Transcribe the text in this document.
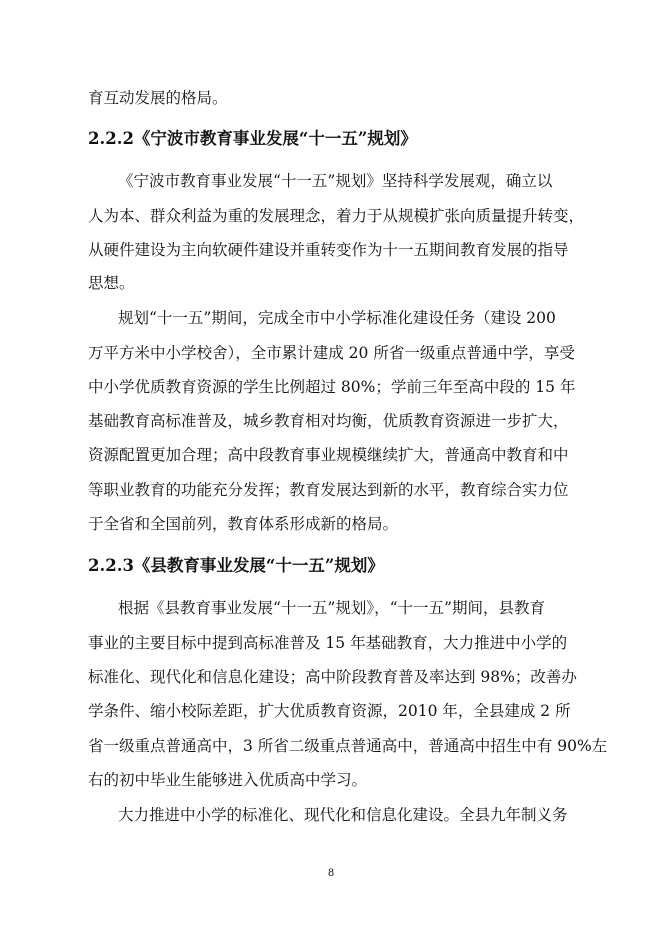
育互动发展的格局。
2.2.2《宁波市教育事业发展“十一五”规划》
《宁波市教育事业发展“十一五”规划》坚持科学发展观，确立以
人为本、群众利益为重的发展理念，着力于从规模扩张向质量提升转变，
从硬件建设为主向软硬件建设并重转变作为十一五期间教育发展的指导
思想。
规划“十一五”期间，完成全市中小学标准化建设任务（建设 200
万平方米中小学校舍），全市累计建成 20 所省一级重点普通中学，享受
中小学优质教育资源的学生比例超过 80%；学前三年至高中段的 15 年
基础教育高标准普及，城乡教育相对均衡，优质教育资源进一步扩大，
资源配置更加合理；高中段教育事业规模继续扩大，普通高中教育和中
等职业教育的功能充分发挥；教育发展达到新的水平，教育综合实力位
于全省和全国前列，教育体系形成新的格局。
2.2.3《县教育事业发展“十一五”规划》
根据《县教育事业发展“十一五”规划》，“十一五”期间，县教育
事业的主要目标中提到高标准普及 15 年基础教育，大力推进中小学的
标准化、现代化和信息化建设；高中阶段教育普及率达到 98%；改善办
学条件、缩小校际差距，扩大优质教育资源，2010 年，全县建成 2 所
省一级重点普通高中，3 所省二级重点普通高中，普通高中招生中有 90%左
右的初中毕业生能够进入优质高中学习。
大力推进中小学的标准化、现代化和信息化建设。全县九年制义务
8
